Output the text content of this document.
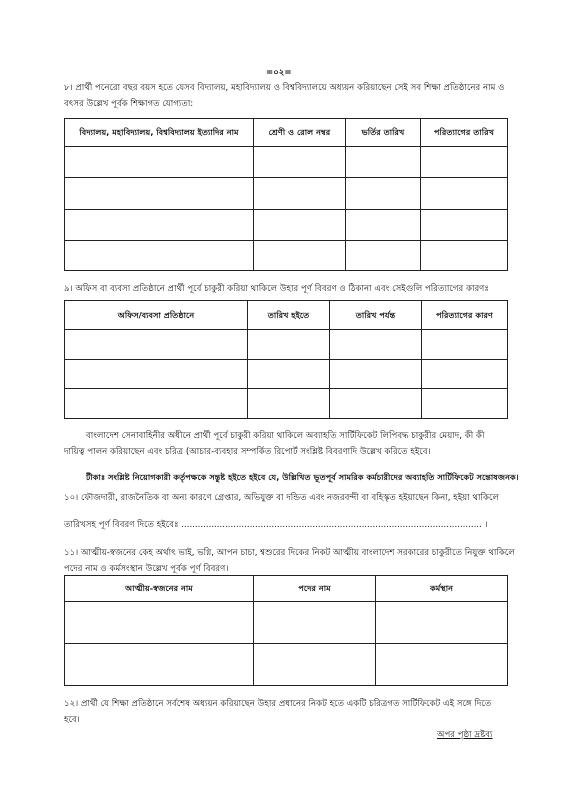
=০২=
৮। প্রার্থী পনেরো বছর বয়স হতে যেসব বিদ্যালয়, মহাবিদ্যালয় ও বিশ্ববিদ্যালয়ে অধ্যয়ন করিয়াছেন সেই সব শিক্ষা প্রতিষ্ঠানের নাম ও
বৎসর উল্লেখ পূর্বক শিক্ষাগত যোগ্যতা:
বিদ্যালয়, মহাবিদ্যালয়, বিশ্ববিদ্যালয় ইত্যাদির নাম	শ্রেণী ও রোল নম্বর	ভর্তির তারিখ	পরিত্যাগের তারিখ

৯। অফিস বা ব্যবসা প্রতিষ্ঠানে প্রার্থী পূর্বে চাকুরী করিয়া থাকিলে উহার পূর্ণ বিবরণ ও ঠিকানা এবং সেইগুলি পরিত্যাগের কারণঃ
অফিস/ব্যবসা প্রতিষ্ঠানে	তারিখ হইতে	তারিখ পর্যন্ত	পরিত্যাগের কারণ

বাংলাদেশ সেনাবাহিনীর অধীনে প্রার্থী পূর্বে চাকুরী করিয়া থাকিলে অব্যাহতি সার্টিফিকেট লিপিবদ্ধ চাকুরীর মেয়াদ, কী কী
দায়িত্ব পালন করিয়াছেন এবং চরিত্র (আচার-ব্যবহার সম্পর্কিত রিপোর্ট সংশ্লিষ্ট বিবরণাদি উল্লেখ করিতে হইবে।
টীকাঃ সংশ্লিষ্ট নিয়োগকারী কর্তৃপক্ষকে সন্তুষ্ট হইতে হইবে যে, উল্লিখিত ভূতপূর্ব সামরিক কর্মচারীদের অব্যাহতি সার্টিফিকেট সন্তোষজনক।
১০। ফৌজদারী, রাজনৈতিক বা অন্য কারণে গ্রেপ্তার, অভিযুক্ত বা দন্ডিত এবং নজরবন্দী বা বহিস্কৃত হইয়াছেন কিনা, হইয়া থাকিলে
তারিখসহ পূর্ণ বিবরণ দিতে হইবেঃ .............................................................................................................. ।
১১। আত্মীয়-স্বজনের কেহ অর্থাৎ ভাই, ভগ্নি, আপন চাচা, শ্বশুরের দিকের নিকট আত্মীয় বাংলাদেশ সরকারের চাকুরীতে নিযুক্ত থাকিলে
পদের নাম ও কর্মসংস্থান উল্লেখ পূর্বক পূর্ণ বিবরণ।
আত্মীয়-স্বজনের নাম	পদের নাম	কর্মস্থান

১২। প্রার্থী যে শিক্ষা প্রতিষ্ঠানে সর্বশেষ অধ্যয়ন করিয়াছেন উহার প্রধানের নিকট হতে একটি চরিত্রগত সার্টিফিকেট এই সঙ্গে দিতে
হবে।
অপর পৃষ্ঠা দ্রষ্টব্য
